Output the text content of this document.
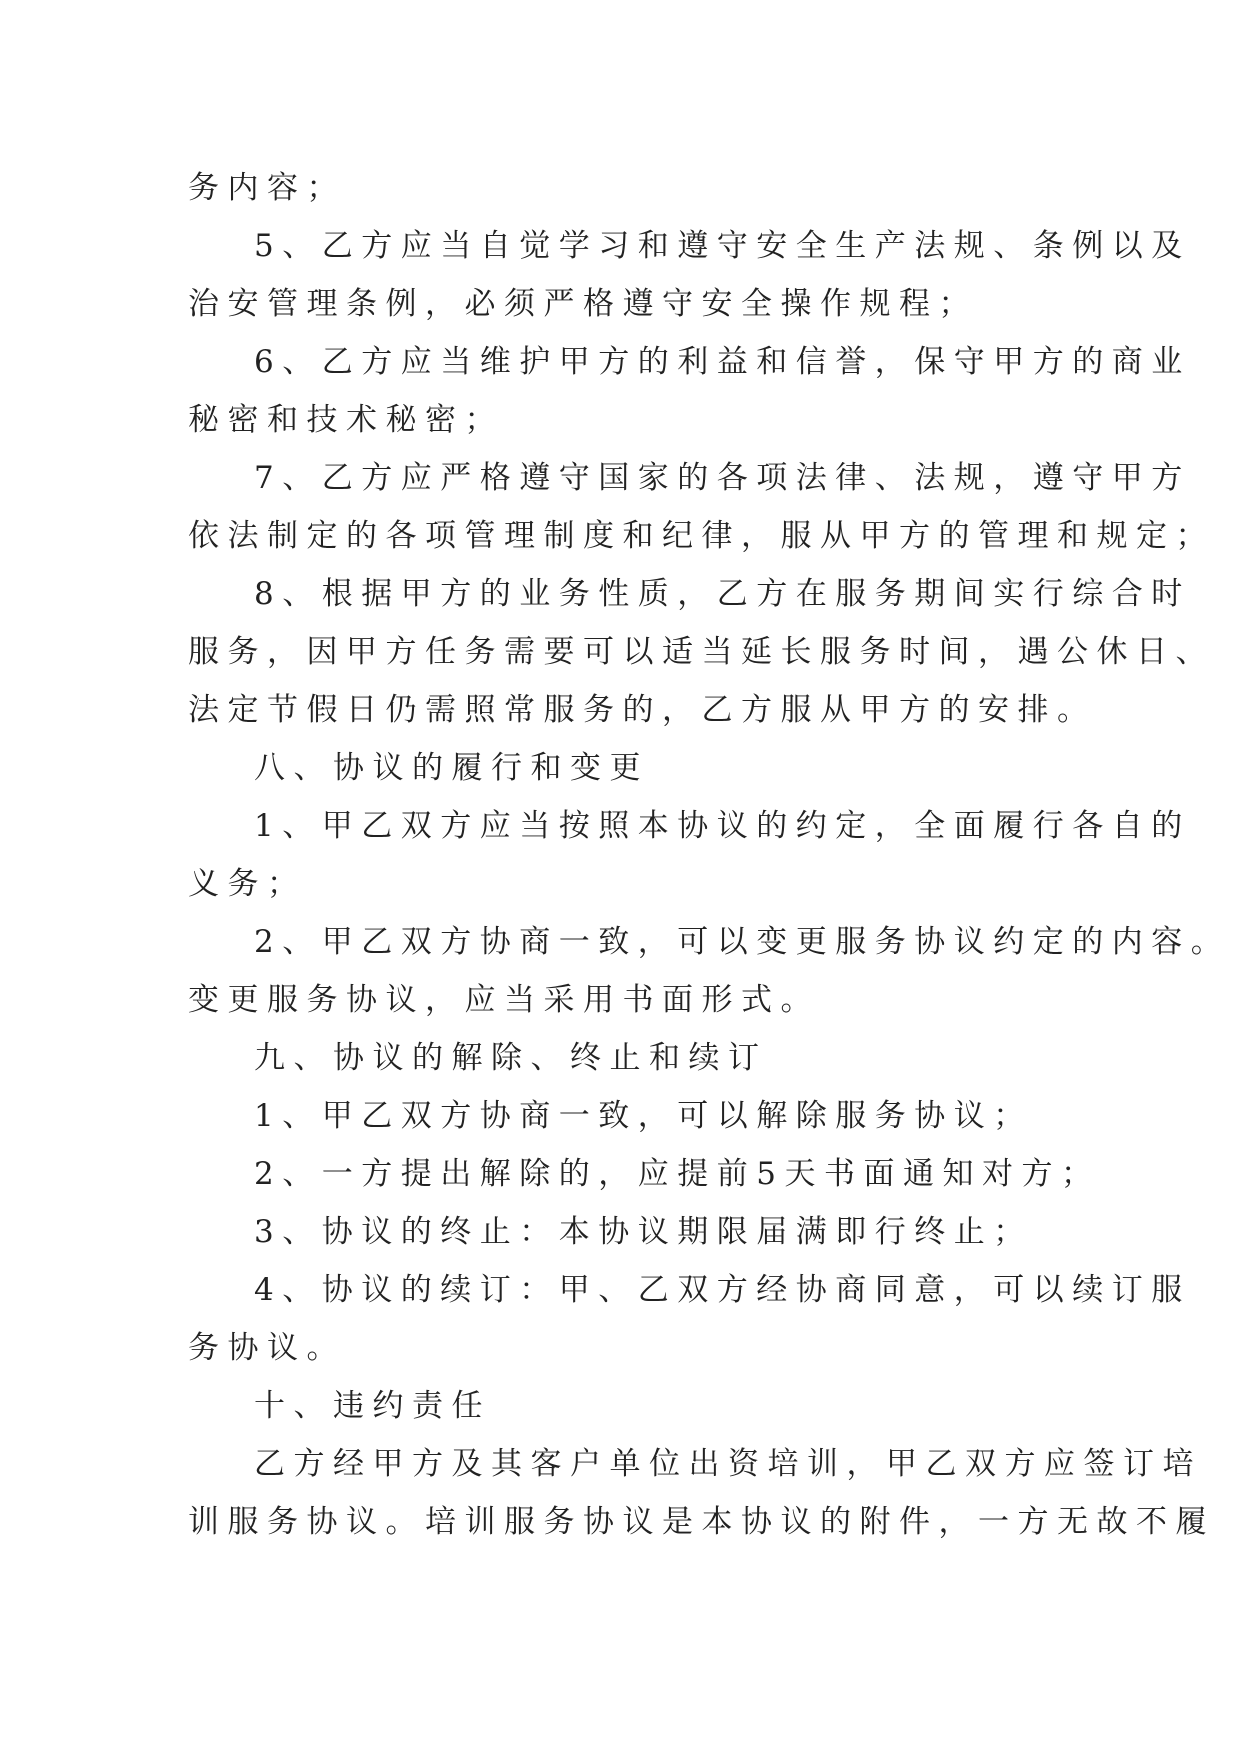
务内容；

5、乙方应当自觉学习和遵守安全生产法规、条例以及

治安管理条例，必须严格遵守安全操作规程；

6、乙方应当维护甲方的利益和信誉，保守甲方的商业

秘密和技术秘密；

7、乙方应严格遵守国家的各项法律、法规，遵守甲方

依法制定的各项管理制度和纪律，服从甲方的管理和规定；

8、根据甲方的业务性质，乙方在服务期间实行综合时

服务，因甲方任务需要可以适当延长服务时间，遇公休日、

法定节假日仍需照常服务的，乙方服从甲方的安排。

八、协议的履行和变更

1、甲乙双方应当按照本协议的约定，全面履行各自的

义务；

2、甲乙双方协商一致，可以变更服务协议约定的内容。

变更服务协议，应当采用书面形式。

九、协议的解除、终止和续订

1、甲乙双方协商一致，可以解除服务协议；

2、一方提出解除的，应提前5天书面通知对方；

3、协议的终止：本协议期限届满即行终止；

4、协议的续订：甲、乙双方经协商同意，可以续订服

务协议。

十、违约责任

乙方经甲方及其客户单位出资培训，甲乙双方应签订培

训服务协议。培训服务协议是本协议的附件，一方无故不履
